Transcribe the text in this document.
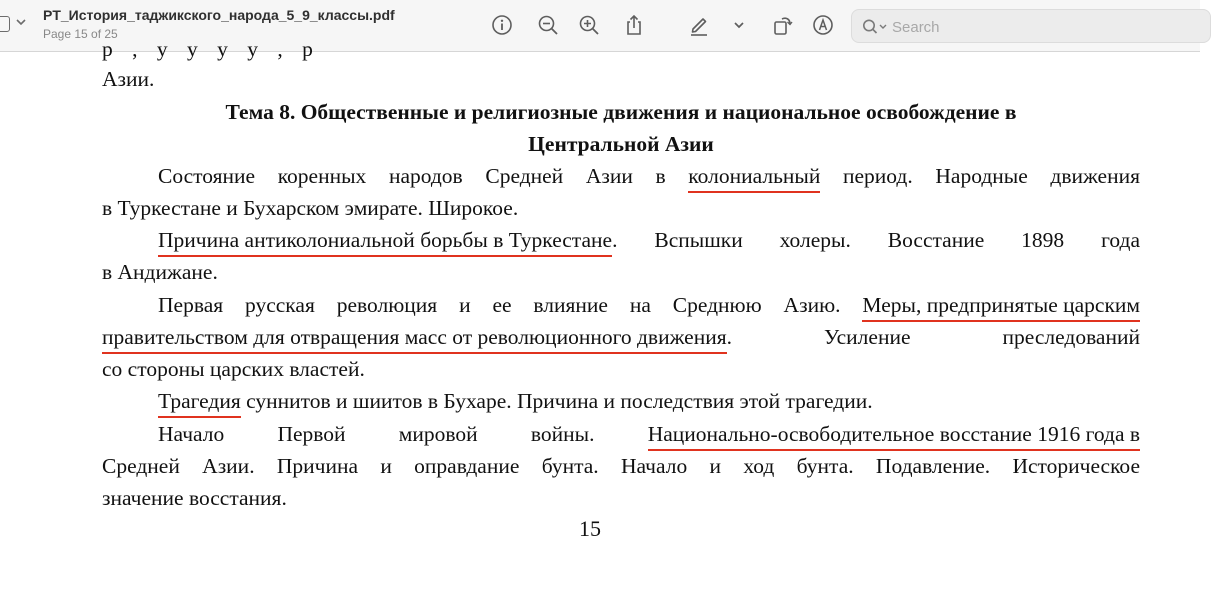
PT_История_таджикского_народа_5_9_классы.pdf
Page 15 of 25
Search
р , у у у у , р
Азии.
Тема 8. Общественные и религиозные движения и национальное освобождение в
Центральной Азии
Состояние коренных народов Средней Азии в колониальный период. Народные движения
в Туркестане и Бухарском эмирате. Широкое.
Причина антиколониальной борьбы в Туркестане. Вспышки холеры. Восстание 1898 года
в Андижане.
Первая русская революция и ее влияние на Среднюю Азию. Меры, предпринятые царским
правительством для отвращения масс от революционного движения. Усиление преследований
со стороны царских властей.
Трагедия суннитов и шиитов в Бухаре. Причина и последствия этой трагедии.
Начало Первой мировой войны. Национально-освободительное восстание 1916 года в
Средней Азии. Причина и оправдание бунта. Начало и ход бунта. Подавление. Историческое
значение восстания.
15
